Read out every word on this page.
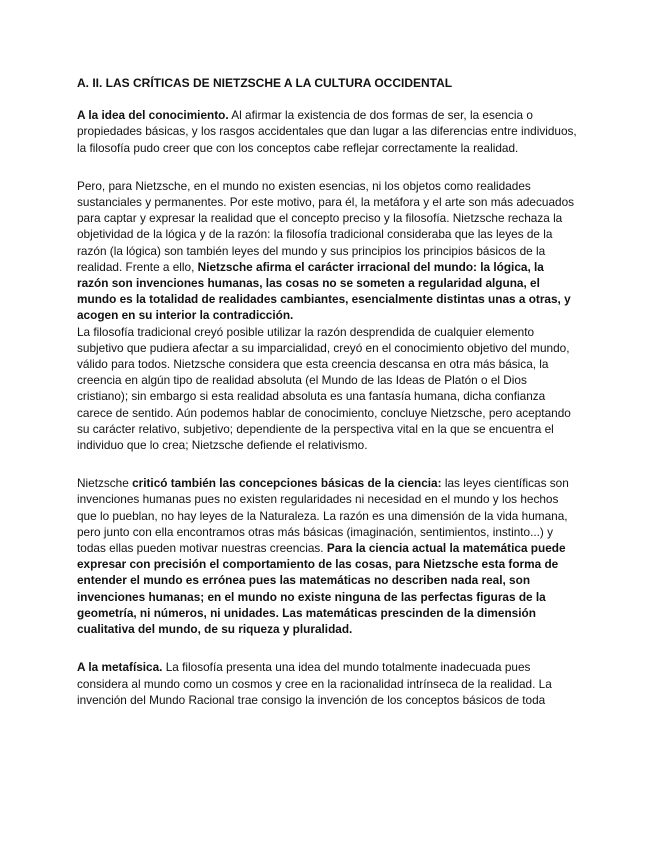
A. II. LAS CRÍTICAS DE NIETZSCHE A LA CULTURA OCCIDENTAL

A la idea del conocimiento. Al afirmar la existencia de dos formas de ser, la esencia o propiedades básicas, y los rasgos accidentales que dan lugar a las diferencias entre individuos, la filosofía pudo creer que con los conceptos cabe reflejar correctamente la realidad.

Pero, para Nietzsche, en el mundo no existen esencias, ni los objetos como realidades sustanciales y permanentes. Por este motivo, para él, la metáfora y el arte son más adecuados para captar y expresar la realidad que el concepto preciso y la filosofía. Nietzsche rechaza la objetividad de la lógica y de la razón: la filosofía tradicional consideraba que las leyes de la razón (la lógica) son también leyes del mundo y sus principios los principios básicos de la realidad. Frente a ello, Nietzsche afirma el carácter irracional del mundo: la lógica, la razón son invenciones humanas, las cosas no se someten a regularidad alguna, el mundo es la totalidad de realidades cambiantes, esencialmente distintas unas a otras, y acogen en su interior la contradicción.

La filosofía tradicional creyó posible utilizar la razón desprendida de cualquier elemento subjetivo que pudiera afectar a su imparcialidad, creyó en el conocimiento objetivo del mundo, válido para todos. Nietzsche considera que esta creencia descansa en otra más básica, la creencia en algún tipo de realidad absoluta (el Mundo de las Ideas de Platón o el Dios cristiano); sin embargo si esta realidad absoluta es una fantasía humana, dicha confianza carece de sentido. Aún podemos hablar de conocimiento, concluye Nietzsche, pero aceptando su carácter relativo, subjetivo; dependiente de la perspectiva vital en la que se encuentra el individuo que lo crea; Nietzsche defiende el relativismo.

Nietzsche criticó también las concepciones básicas de la ciencia: las leyes científicas son invenciones humanas pues no existen regularidades ni necesidad en el mundo y los hechos que lo pueblan, no hay leyes de la Naturaleza. La razón es una dimensión de la vida humana, pero junto con ella encontramos otras más básicas (imaginación, sentimientos, instinto...) y todas ellas pueden motivar nuestras creencias. Para la ciencia actual la matemática puede expresar con precisión el comportamiento de las cosas, para Nietzsche esta forma de entender el mundo es errónea pues las matemáticas no describen nada real, son invenciones humanas; en el mundo no existe ninguna de las perfectas figuras de la geometría, ni números, ni unidades. Las matemáticas prescinden de la dimensión cualitativa del mundo, de su riqueza y pluralidad.

A la metafísica. La filosofía presenta una idea del mundo totalmente inadecuada pues considera al mundo como un cosmos y cree en la racionalidad intrínseca de la realidad. La invención del Mundo Racional trae consigo la invención de los conceptos básicos de toda
